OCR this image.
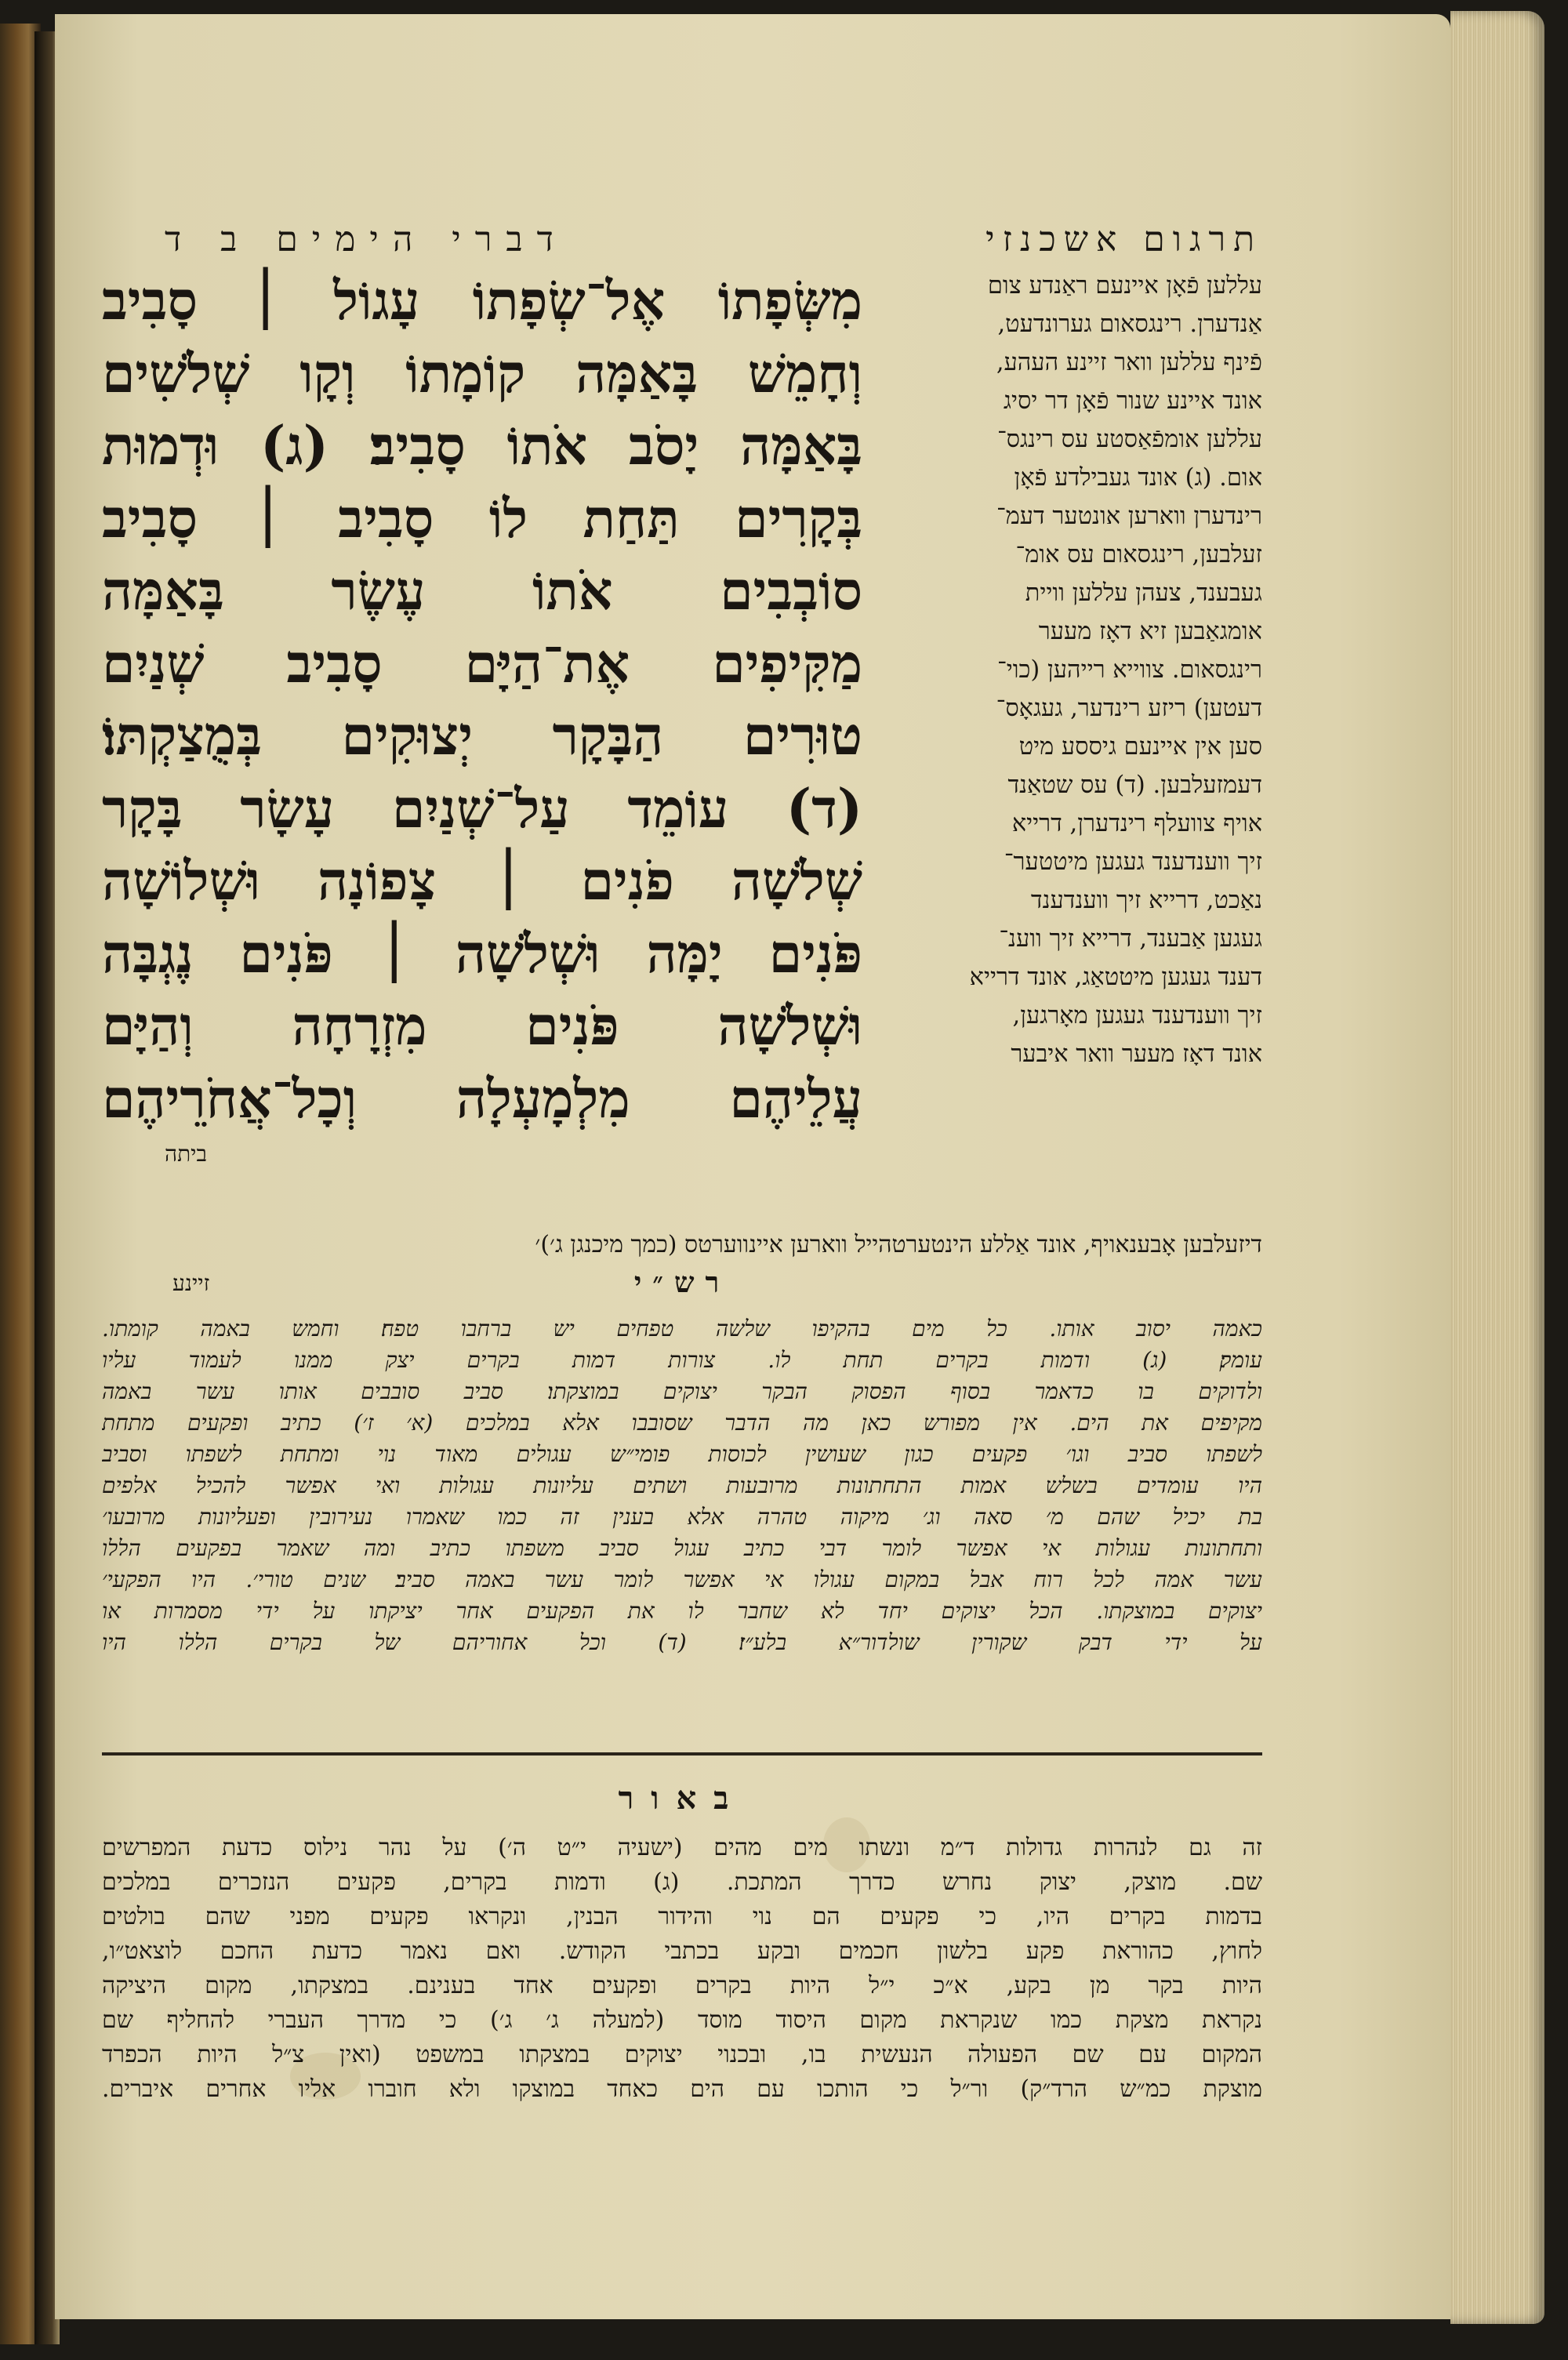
תרגום אשכנזי
דברי הימים ב ד
עללען פֿאָן איינעם ראַנדע צום
אַנדערן. רינגסאום גערונדעט,
פֿינף עללען וואר זיינע העהע,
אונד איינע שנור פֿאָן דר יסיג
עללען אומפֿאַסטע עס רינגס־
אום. (ג) אונד געבילדע פֿאָן
רינדערן ווארען אונטער דעמ־
זעלבען, רינגסאום עס אומ־
געבענד, צעהן עללען וויית
אומגאַבען זיא דאָז מעער
רינגסאום. צווייא רייהען (כוי־
דעטען) ריזע רינדער, געגאָס־
סען אין איינעם גיססע מיט
דעמזעלבען. (ד) עס שטאַנד
אויף צוועלף רינדערן, דרייא
זיך ווענדענד געגען מיטטער־
נאַכט, דרייא זיך ווענדענד
געגען אַבענד, דרייא זיך ווענ־
דענד געגען מיטטאַג, אונד דרייא
זיך ווענדענד געגען מאָרגען,
אונד דאָז מעער וואר איבער
מִשְּׂפָתוֹ אֶל־שְׂפָתוֹ עָגוֹל ׀ סָבִיב
וְחָמֵשׁ בָּאַמָּה קוֹמָתוֹ וְקָו שְׁלֹשִׁים
בָּאַמָּה יָסֹב אֹתוֹ סָבִיב׃ (ג) וּדְמוּת
בְּקָרִים תַּחַת לוֹ סָבִיב ׀ סָבִיב
סוֹבְבִים אֹתוֹ עֶשֶׂר בָּאַמָּה
מַקִּיפִים אֶת־הַיָּם סָבִיב שְׁנַיִם
טוּרִים הַבָּקָר יְצוּקִים בְּמֻצַקְתּוֹ׃
(ד) עוֹמֵד עַל־שְׁנַיִם עָשָׂר בָּקָר
שְׁלֹשָׁה פֹנִים ׀ צָפוֹנָה וּשְׁלוֹשָׁה
פֹּנִים יָמָּה וּשְׁלֹשָׁה ׀ פֹּנִים נֶגְבָּה
וּשְׁלֹשָׁה פֹּנִים מִזְרָחָה וְהַיָּם
עֲלֵיהֶם מִלְמָעְלָה וְכָל־אֲחֹרֵיהֶם
ביתה
דיזעלבען אָבענאויף, אונד אַללע הינטערטהייל ווארען איינווערטס (כמך מיכנגן ג׳)׳
רש״י
זיינע
כאמה יסוב אותו. כל מים בהקיפו שלשה טפחים יש ברחבו טפח׃ וחמש באמה קומתו.
עומק׃ (ג) ודמות בקרים תחת לו. צורות דמות בקרים יצק ממנו לעמוד עליו
ולדוקים בו כדאמר בסוף הפסוק הבקר יצוקים במוצקתו׃ סביב סובבים אותו עשר באמה
מקיפים את הים. אין מפורש כאן מה הדבר שסובבו אלא במלכים (א׳ ז׳) כתיב ופקעים מתחת
לשפתו סביב וגו׳ פקעים כגון שעושין לכוסות פומי״ש עגולים מאוד נוי ומתחת לשפתו וסביב
היו עומדים בשלש אמות התחתונות מרובעות ושתים עליונות עגולות ואי אפשר להכיל אלפים
בת יכיל שהם מ׳ סאה וג׳ מיקוה טהרה אלא בענין זה כמו שאמרו נעירובין ופעליונות מרובעו׳
ותחתונות עגולות אי אפשר לומר דבי כתיב עגול סביב משפתו כתיב ומה שאמר בפקעים הללו
עשר אמה לכל רוח אבל במקום עגולו אי אפשר לומר עשר באמה סביב׃ שנים טורי׳. היו הפקעי׳
יצוקים במוצקתו. הכל יצוקים יחד לא שחבר לו את הפקעים אחר יציקתו על ידי מסמרות או
על ידי דבק שקורין שולדור״א בלע״ז׃ (ד) וכל אחוריהם של בקרים הללו היו
באור
זה גם לנהרות גדולות ד״מ ונשתו מים מהים (ישעיה י״ט ה׳) על נהר נילוס כדעת המפרשים
שם. מוצק, יצוק נחרש כדרך המתכת. (ג) ודמות בקרים, פקעים הנזכרים במלכים
בדמות בקרים היו, כי פקעים הם נוי והידור הבנין, ונקראו פקעים מפני שהם בולטים
לחוץ, כהוראת פקע בלשון חכמים ובקע בכתבי הקודש. ואם נאמר כדעת החכם לוצאט״ו,
היות בקר מן בקע, א״כ י״ל היות בקרים ופקעים אחד בענינם. במצקתו, מקום היציקה
נקראת מצקת כמו שנקראת מקום היסוד מוסד (למעלה ג׳ ג׳) כי מדרך העברי להחליף שם
המקום עם שם הפעולה הנעשית בו, ובכנוי יצוקים במצקתו במשפט (ואין צ״ל היות הכפרד
מוצקת כמ״ש הרד״ק) ור״ל כי הותכו עם הים כאחד במוצקו ולא חוברו אליו אחרים איברים.
